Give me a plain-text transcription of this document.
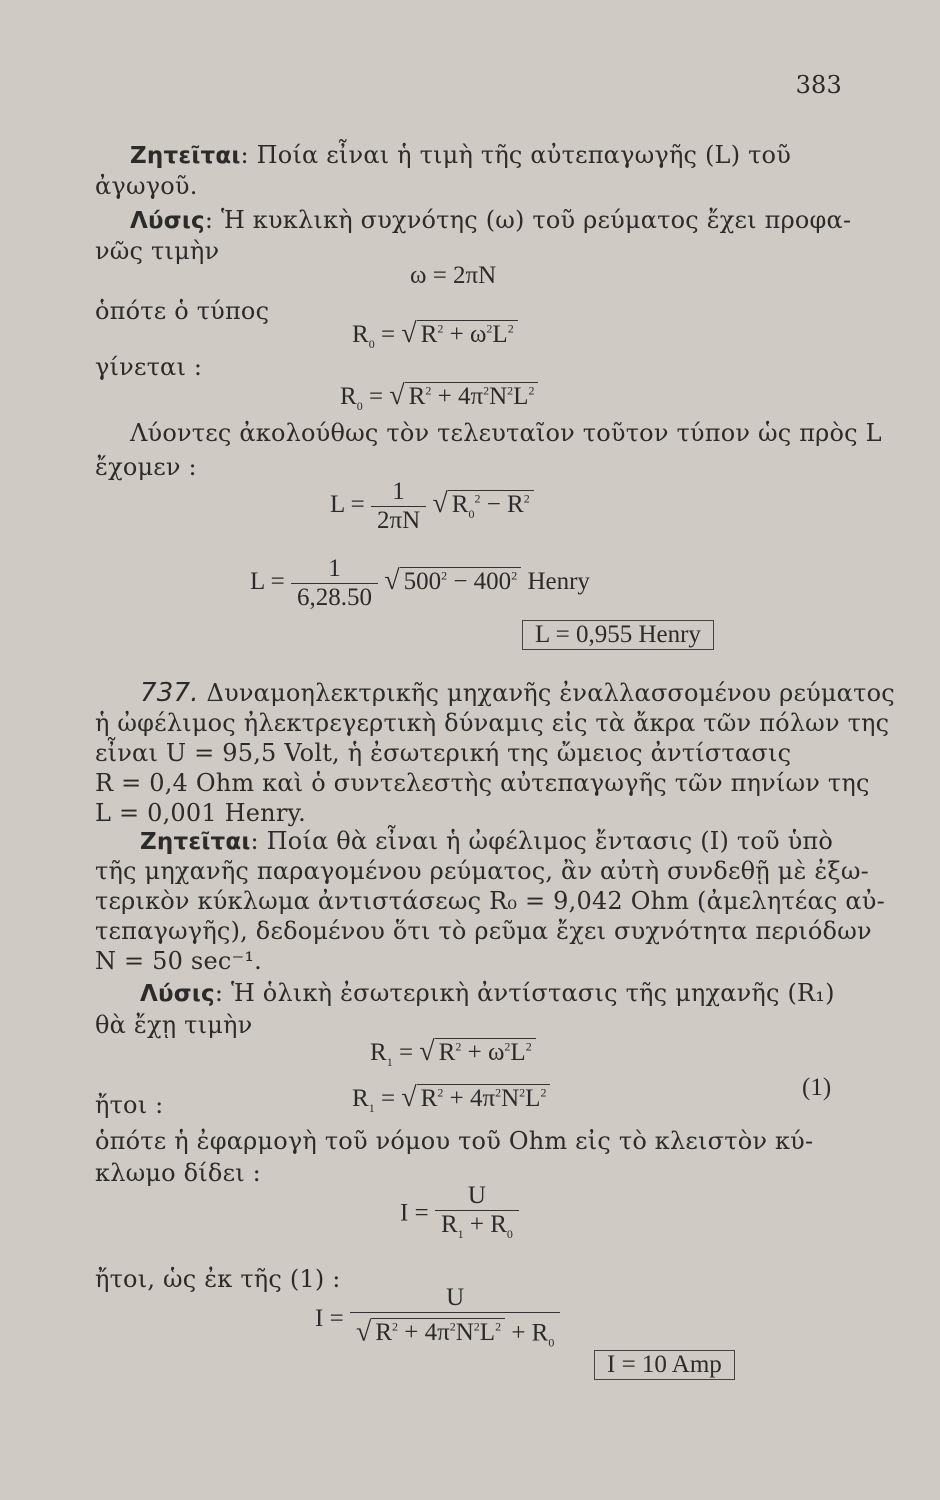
383
Ζητεῖται: Ποία εἶναι ἡ τιμὴ τῆς αὐτεπαγωγῆς (L) τοῦ
ἀγωγοῦ.
Λύσις: Ἡ κυκλικὴ συχνότης (ω) τοῦ ρεύματος ἔχει προφα-
νῶς τιμὴν
ω = 2πN
ὁπότε ὁ τύπος
$R_0$ = √ $R^2 + \omega^2L^2$
γίνεται :
$R_0$ = √ $R^2 + 4\pi^2N^2L^2$
Λύοντες ἀκολούθως τὸν τελευταῖον τοῦτον τύπον ὡς πρὸς L
ἔχομεν :
$L = \frac{1}{2\pi N}$ √ $R_0^2 - R^2$
$L = \frac{1}{6,28.50}$ √ $500^2 - 400^2$ Henry
L = 0,955 Henry
737. Δυναμοηλεκτρικῆς μηχανῆς ἐναλλασσομένου ρεύματος
ἡ ὠφέλιμος ἠλεκτρεγερτικὴ δύναμις εἰς τὰ ἄκρα τῶν πόλων της
εἶναι U = 95,5 Volt, ἡ ἐσωτερική της ὤμειος ἀντίστασις
R = 0,4 Ohm καὶ ὁ συντελεστὴς αὐτεπαγωγῆς τῶν πηνίων της
L = 0,001 Henry.
Ζητεῖται: Ποία θὰ εἶναι ἡ ὠφέλιμος ἔντασις (I) τοῦ ὑπὸ
τῆς μηχανῆς παραγομένου ρεύματος, ἂν αὐτὴ συνδεθῇ μὲ ἐξω-
τερικὸν κύκλωμα ἀντιστάσεως R₀ = 9,042 Ohm (ἀμελητέας αὐ-
τεπαγωγῆς), δεδομένου ὅτι τὸ ρεῦμα ἔχει συχνότητα περιόδων
N = 50 sec⁻¹.
Λύσις: Ἡ ὁλικὴ ἐσωτερικὴ ἀντίστασις τῆς μηχανῆς (R₁)
θὰ ἔχῃ τιμὴν
$R_1$ = √ $R^2 + \omega^2L^2$
ἤτοι :	$R_1$ = √ $R^2 + 4\pi^2N^2L^2$	(1)
ὁπότε ἡ ἐφαρμογὴ τοῦ νόμου τοῦ Ohm εἰς τὸ κλειστὸν κύ-
κλωμο δίδει :
$I = \frac{U}{R_1 + R_0}$
ἤτοι, ὡς ἐκ τῆς (1) :
$I = \frac{U}{√ R^2 + 4\pi^2N^2L^2 + R_0}$
I = 10 Amp
